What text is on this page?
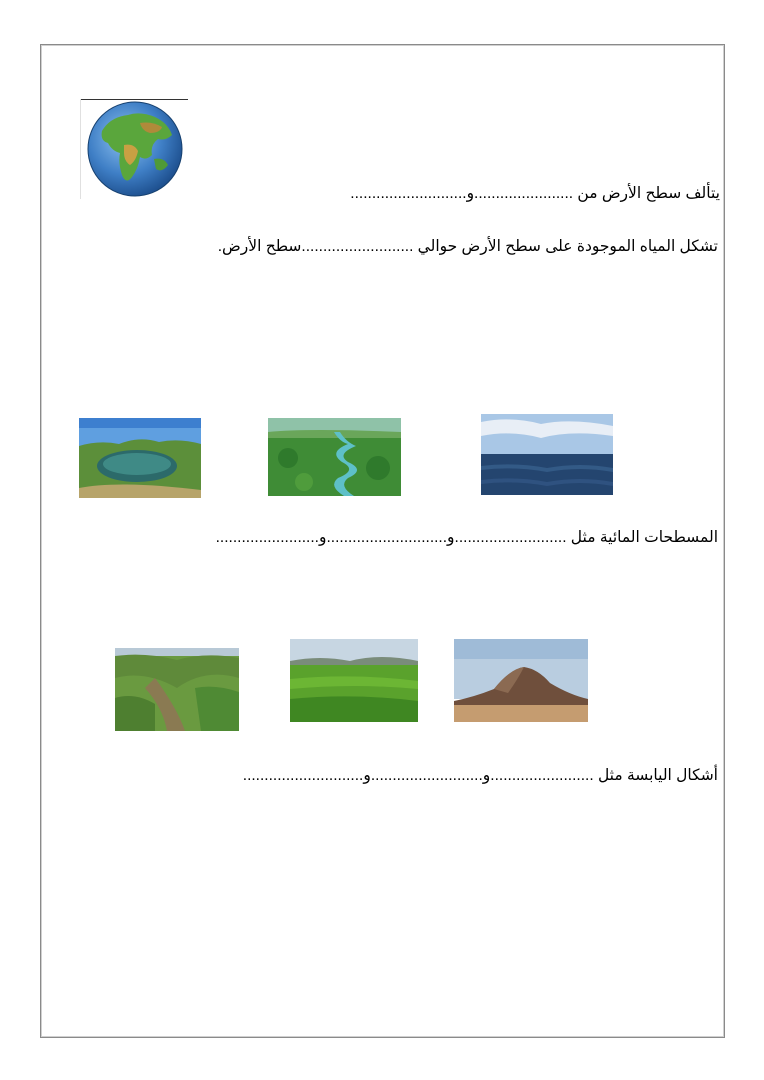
يتألف سطح الأرض من .......................و...........................
تشكل المياه الموجودة على سطح الأرض حوالي ..........................سطح الأرض.
المسطحات المائية مثل ..........................و............................و........................
أشكال اليابسة مثل ........................و..........................و............................
